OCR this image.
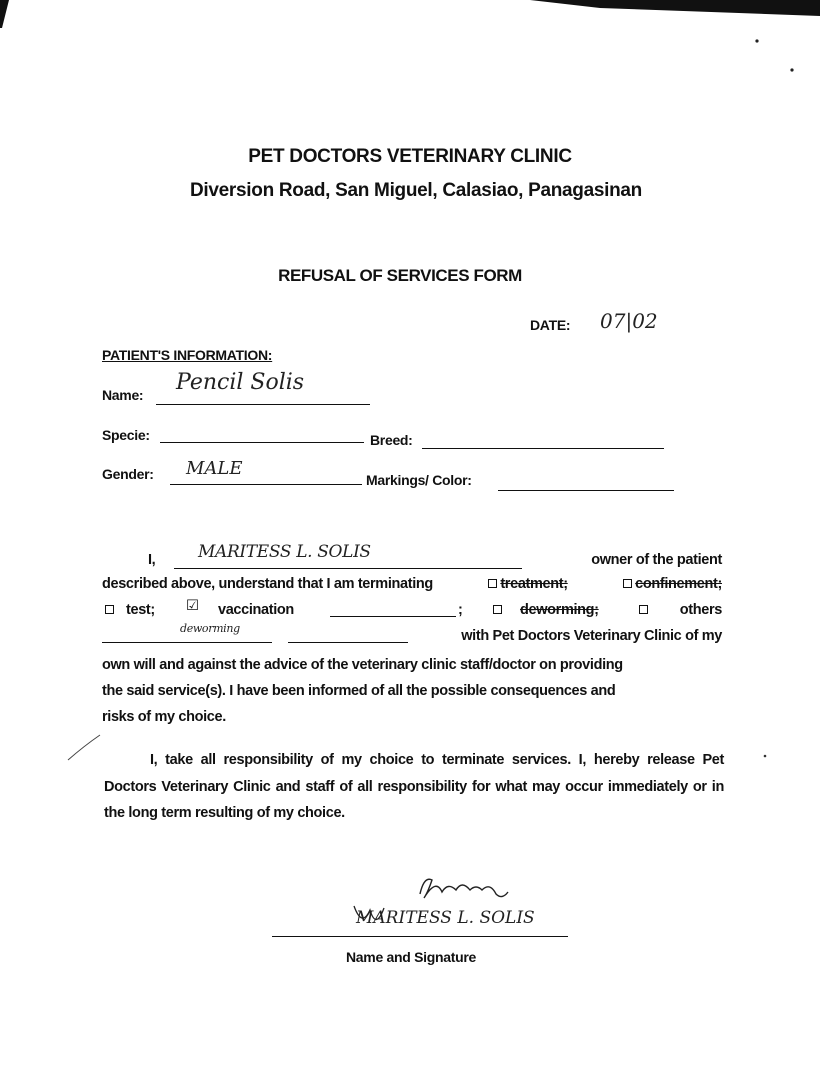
PET DOCTORS VETERINARY CLINIC
Diversion Road, San Miguel, Calasiao, Panagasinan
REFUSAL OF SERVICES FORM
DATE: 07|02
PATIENT'S INFORMATION:
Name: Pencil Solis
Specie:	Breed:
Gender: MALE
Markings/ Color:
I,	MARITESS L. SOLIS	owner of the patient
described above, understand that I am terminating	treatment;	confinement;
test; ☑ vaccination	;	deworming;	others
deworming	with Pet Doctors Veterinary Clinic of my
own will and against the advice of the veterinary clinic staff/doctor on providing
the said service(s). I have been informed of all the possible consequences and
risks of my choice.
I, take all responsibility of my choice to terminate services. I, hereby release Pet Doctors Veterinary Clinic and staff of all responsibility for what may occur immediately or in the long term resulting of my choice.
MARITESS L. SOLIS
Name and Signature
